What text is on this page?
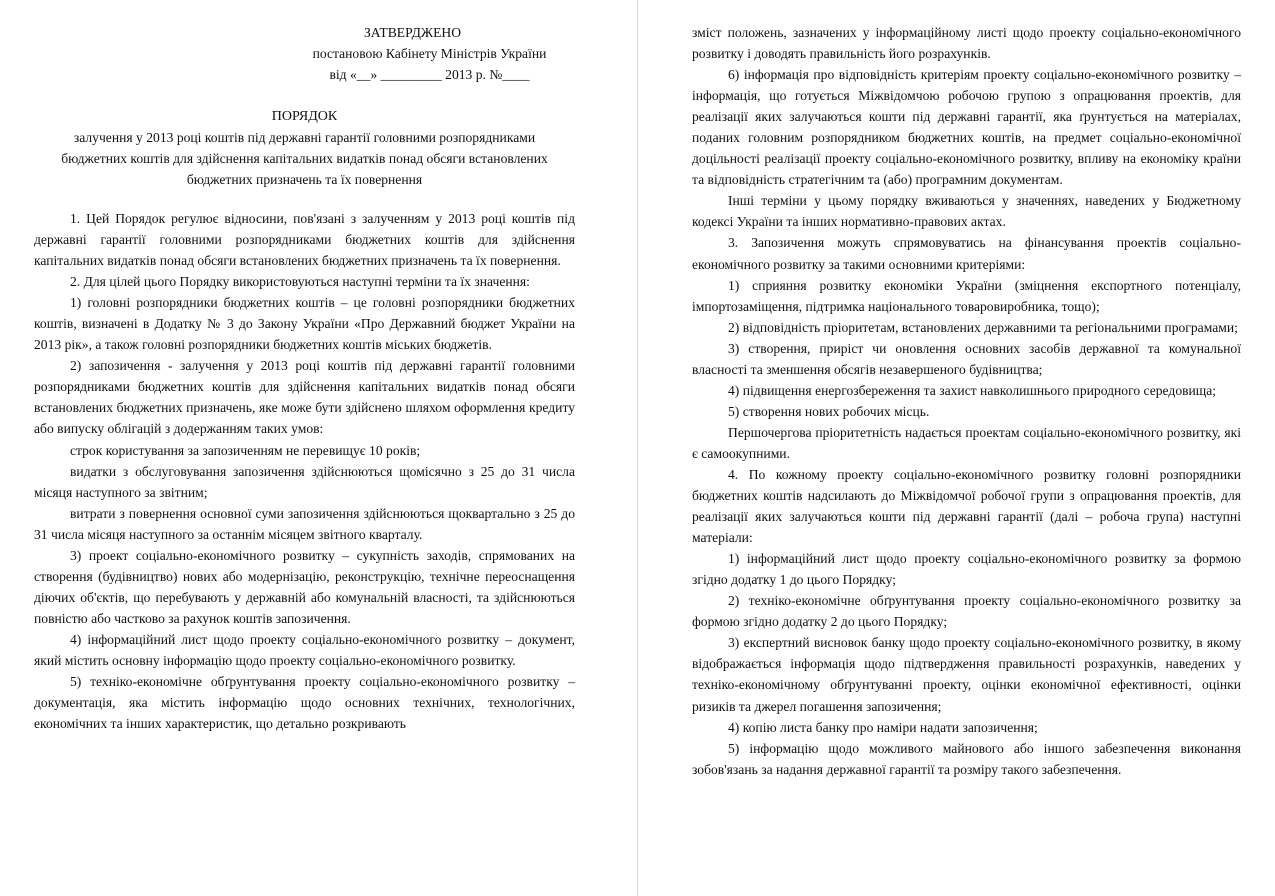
ЗАТВЕРДЖЕНО
постановою Кабінету Міністрів України
від «__» _________ 2013 р. №____
ПОРЯДОК
залучення у 2013 році коштів під державні гарантії головними розпорядниками бюджетних коштів для здійснення капітальних видатків понад обсяги встановлених бюджетних призначень та їх повернення

1. Цей Порядок регулює відносини, пов'язані з залученням у 2013 році коштів під державні гарантії головними розпорядниками бюджетних коштів для здійснення капітальних видатків понад обсяги встановлених бюджетних призначень та їх повернення.

2. Для цілей цього Порядку використовуються наступні терміни та їх значення:

1) головні розпорядники бюджетних коштів – це головні розпорядники бюджетних коштів, визначені в Додатку № 3 до Закону України «Про Державний бюджет України на 2013 рік», а також головні розпорядники бюджетних коштів міських бюджетів.

2) запозичення - залучення у 2013 році коштів під державні гарантії головними розпорядниками бюджетних коштів для здійснення капітальних видатків понад обсяги встановлених бюджетних призначень, яке може бути здійснено шляхом оформлення кредиту або випуску облігацій з додержанням таких умов:

строк користування за запозиченням не перевищує 10 років;

видатки з обслуговування запозичення здійснюються щомісячно з 25 до 31 числа місяця наступного за звітним;

витрати з повернення основної суми запозичення здійснюються щоквартально з 25 до 31 числа місяця наступного за останнім місяцем звітного кварталу.

3) проект соціально-економічного розвитку – сукупність заходів, спрямованих на створення (будівництво) нових або модернізацію, реконструкцію, технічне переоснащення діючих об'єктів, що перебувають у державній або комунальній власності, та здійснюються повністю або частково за рахунок коштів запозичення.

4) інформаційний лист щодо проекту соціально-економічного розвитку – документ, який містить основну інформацію щодо проекту соціально-економічного розвитку.

5) техніко-економічне обґрунтування проекту соціально-економічного розвитку – документація, яка містить інформацію щодо основних технічних, технологічних, економічних та інших характеристик, що детально розкривають

зміст положень, зазначених у інформаційному листі щодо проекту соціально-економічного розвитку і доводять правильність його розрахунків.

6) інформація про відповідність критеріям проекту соціально-економічного розвитку – інформація, що готується Міжвідомчою робочою групою з опрацювання проектів, для реалізації яких залучаються кошти під державні гарантії, яка ґрунтується на матеріалах, поданих головним розпорядником бюджетних коштів, на предмет соціально-економічної доцільності реалізації проекту соціально-економічного розвитку, впливу на економіку країни та відповідність стратегічним та (або) програмним документам.

Інші терміни у цьому порядку вживаються у значеннях, наведених у Бюджетному кодексі України та інших нормативно-правових актах.

3. Запозичення можуть спрямовуватись на фінансування проектів соціально-економічного розвитку за такими основними критеріями:

1) сприяння розвитку економіки України (зміцнення експортного потенціалу, імпортозаміщення, підтримка національного товаровиробника, тощо);

2) відповідність пріоритетам, встановлених державними та регіональними програмами;

3) створення, приріст чи оновлення основних засобів державної та комунальної власності та зменшення обсягів незавершеного будівництва;

4) підвищення енергозбереження та захист навколишнього природного середовища;

5) створення нових робочих місць.

Першочергова пріоритетність надається проектам соціально-економічного розвитку, які є самоокупними.

4. По кожному проекту соціально-економічного розвитку головні розпорядники бюджетних коштів надсилають до Міжвідомчої робочої групи з опрацювання проектів, для реалізації яких залучаються кошти під державні гарантії (далі – робоча група) наступні матеріали:

1) інформаційний лист щодо проекту соціально-економічного розвитку за формою згідно додатку 1 до цього Порядку;

2) техніко-економічне обґрунтування проекту соціально-економічного розвитку за формою згідно додатку 2 до цього Порядку;

3) експертний висновок банку щодо проекту соціально-економічного розвитку, в якому відображається інформація щодо підтвердження правильності розрахунків, наведених у техніко-економічному обґрунтуванні проекту, оцінки економічної ефективності, оцінки ризиків та джерел погашення запозичення;

4) копію листа банку про наміри надати запозичення;

5) інформацію щодо можливого майнового або іншого забезпечення виконання зобов'язань за надання державної гарантії та розміру такого забезпечення.
